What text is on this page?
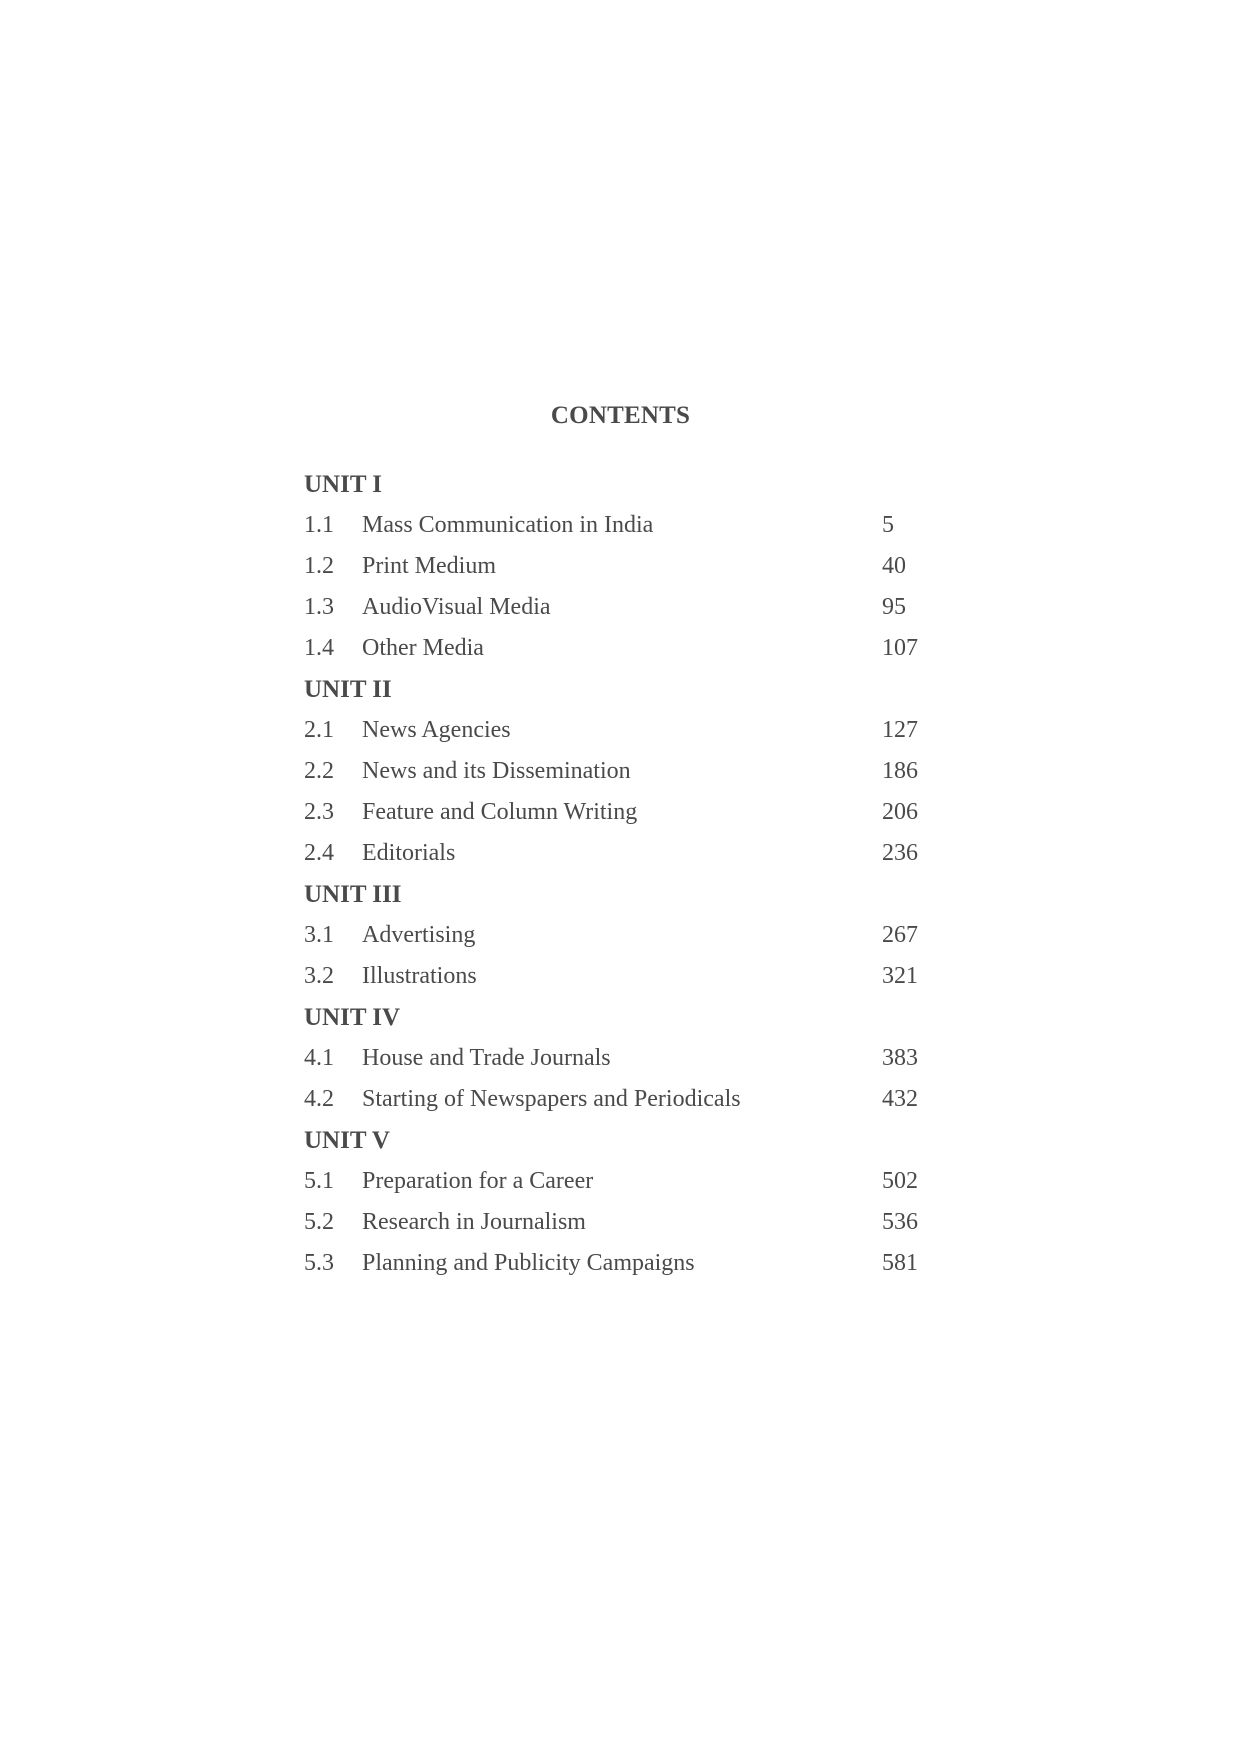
CONTENTS
UNIT I
1.1 Mass Communication in India	5
1.2 Print Medium	40
1.3 AudioVisual Media	95
1.4 Other Media	107
UNIT II
2.1 News Agencies	127
2.2 News and its Dissemination	186
2.3 Feature and Column Writing	206
2.4 Editorials	236
UNIT III
3.1 Advertising	267
3.2 Illustrations	321
UNIT IV
4.1 House and Trade Journals	383
4.2 Starting of Newspapers and Periodicals	432
UNIT V
5.1 Preparation for a Career	502
5.2 Research in Journalism	536
5.3 Planning and Publicity Campaigns	581
